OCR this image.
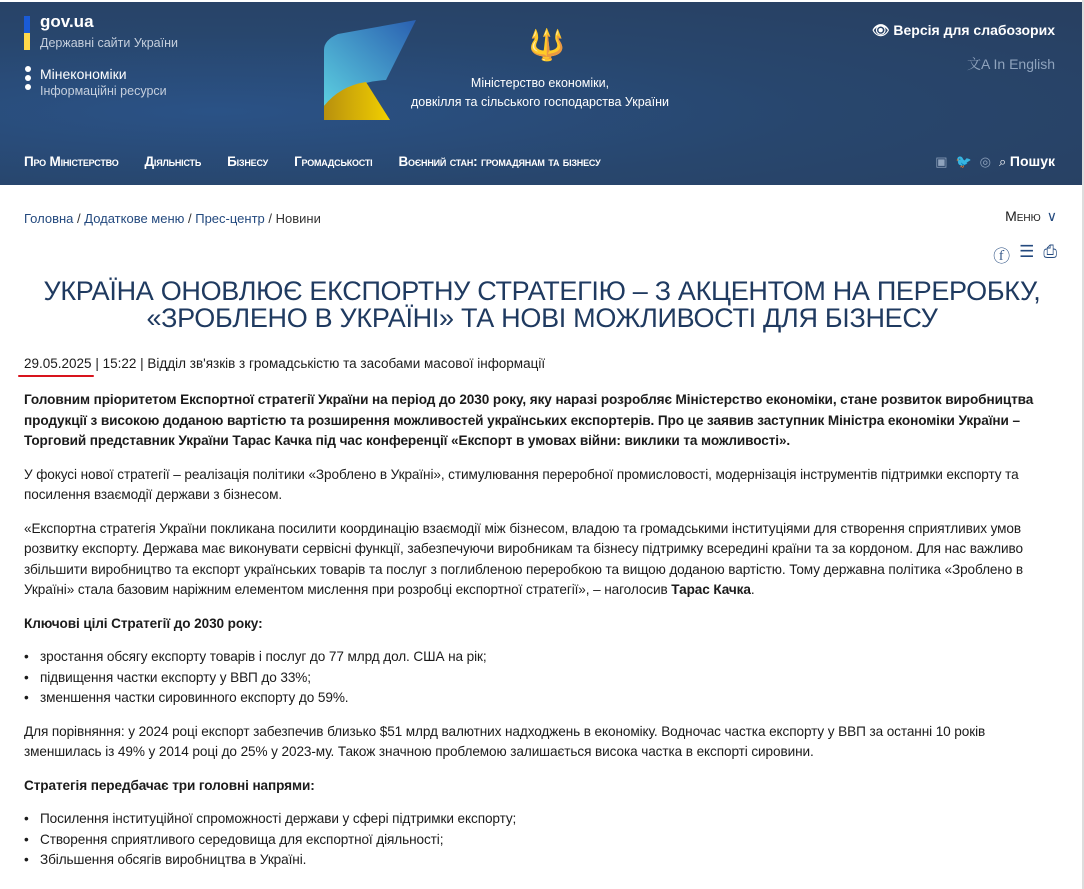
gov.ua
Державні сайти України
Мінекономіки
Інформаційні ресурси
🔱
Міністерство економіки,
довкілля та сільського господарства України
👁 Версія для слабозорих
文A In English
Про Міністерство Діяльність Бізнесу Громадськості Воєнний стан: громадянам та бізнесу	▣ 🐦 ◎ ⌕ Пошук
Головна / Додаткове меню / Прес-центр / Новини	Меню ∨
ⓕ ☰ ⎙
УКРАЇНА ОНОВЛЮЄ ЕКСПОРТНУ СТРАТЕГІЮ – З АКЦЕНТОМ НА ПЕРЕРОБКУ, «ЗРОБЛЕНО В УКРАЇНІ» ТА НОВІ МОЖЛИВОСТІ ДЛЯ БІЗНЕСУ
29.05.2025 | 15:22 | Відділ зв'язків з громадськістю та засобами масової інформації

Головним пріоритетом Експортної стратегії України на період до 2030 року, яку наразі розробляє Міністерство економіки, стане розвиток виробництва продукції з високою доданою вартістю та розширення можливостей українських експортерів. Про це заявив заступник Міністра економіки України – Торговий представник України Тарас Качка під час конференції «Експорт в умовах війни: виклики та можливості».

У фокусі нової стратегії – реалізація політики «Зроблено в Україні», стимулювання переробної промисловості, модернізація інструментів підтримки експорту та посилення взаємодії держави з бізнесом.

«Експортна стратегія України покликана посилити координацію взаємодії між бізнесом, владою та громадськими інституціями для створення сприятливих умов розвитку експорту. Держава має виконувати сервісні функції, забезпечуючи виробникам та бізнесу підтримку всередині країни та за кордоном. Для нас важливо збільшити виробництво та експорт українських товарів та послуг з поглибленою переробкою та вищою доданою вартістю. Тому державна політика «Зроблено в Україні» стала базовим наріжним елементом мислення при розробці експортної стратегії», – наголосив Тарас Качка.

Ключові цілі Стратегії до 2030 року:

• зростання обсягу експорту товарів і послуг до 77 млрд дол. США на рік;
• підвищення частки експорту у ВВП до 33%;
• зменшення частки сировинного експорту до 59%.

Для порівняння: у 2024 році експорт забезпечив близько $51 млрд валютних надходжень в економіку. Водночас частка експорту у ВВП за останні 10 років зменшилась із 49% у 2014 році до 25% у 2023-му. Також значною проблемою залишається висока частка в експорті сировини.

Стратегія передбачає три головні напрями:

• Посилення інституційної спроможності держави у сфері підтримки експорту;
• Створення сприятливого середовища для експортної діяльності;
• Збільшення обсягів виробництва в Україні.
